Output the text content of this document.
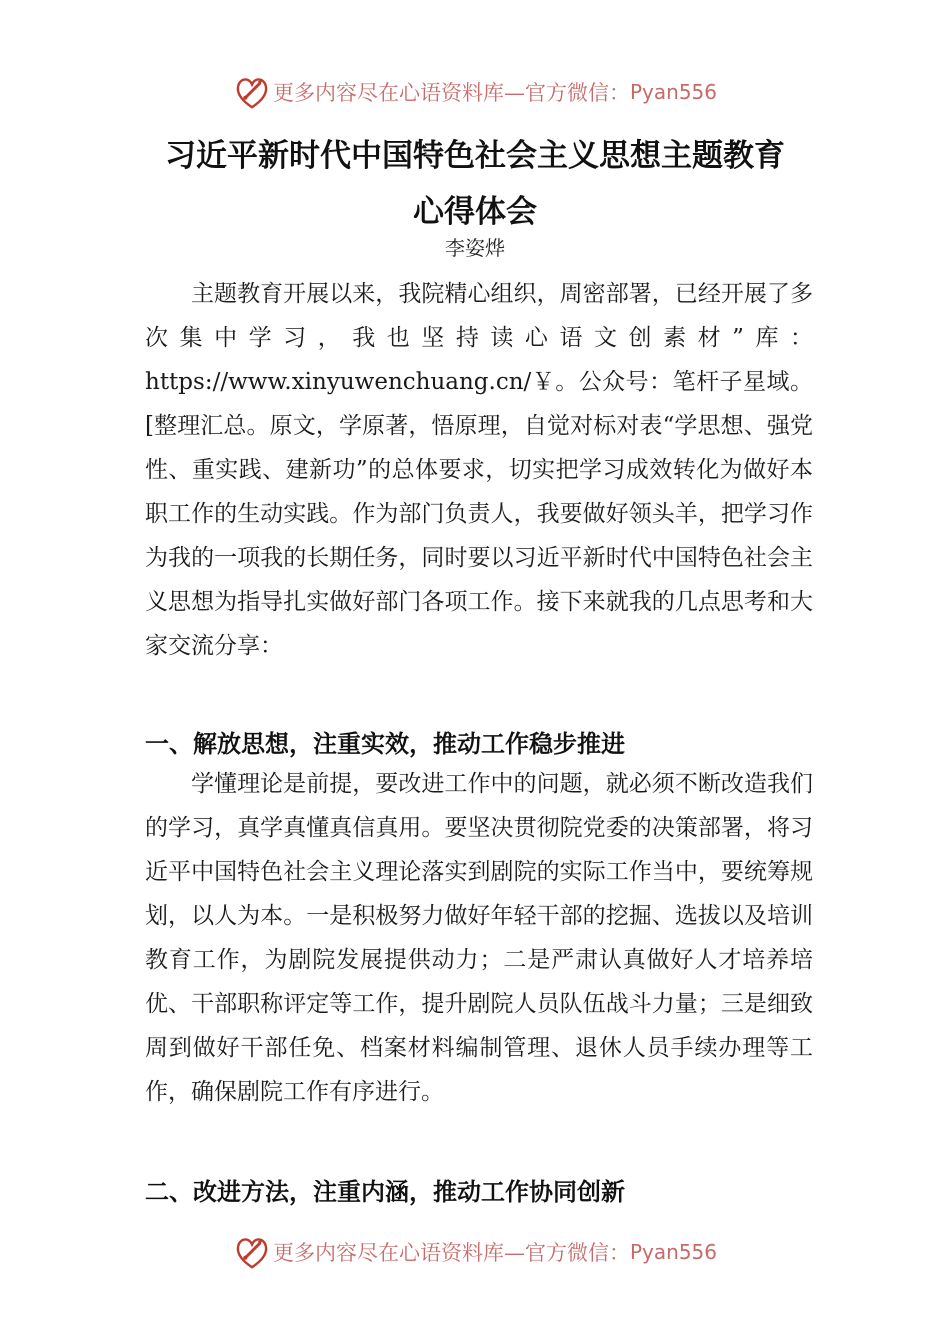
更多内容尽在心语资料库—官方微信： Pyan556
习近平新时代中国特色社会主义思想主题教育
心得体会
李姿烨

主题教育开展以来，我院精心组织，周密部署，已经开展了多次集中学习，我也坚持读心语文创素材”库：https://www.xinyuwenchuang.cn/￥。公众号：笔杆子星域。[整理汇总。原文，学原著，悟原理，自觉对标对表“学思想、强党性、重实践、建新功”的总体要求，切实把学习成效转化为做好本职工作的生动实践。作为部门负责人，我要做好领头羊，把学习作为我的一项我的长期任务，同时要以习近平新时代中国特色社会主义思想为指导扎实做好部门各项工作。接下来就我的几点思考和大家交流分享：

一、解放思想，注重实效，推动工作稳步推进

学懂理论是前提，要改进工作中的问题，就必须不断改造我们的学习，真学真懂真信真用。要坚决贯彻院党委的决策部署，将习近平中国特色社会主义理论落实到剧院的实际工作当中，要统筹规划，以人为本。一是积极努力做好年轻干部的挖掘、选拔以及培训教育工作，为剧院发展提供动力；二是严肃认真做好人才培养培优、干部职称评定等工作，提升剧院人员队伍战斗力量；三是细致周到做好干部任免、档案材料编制管理、退休人员手续办理等工作，确保剧院工作有序进行。

二、改进方法，注重内涵，推动工作协同创新
更多内容尽在心语资料库—官方微信： Pyan556
